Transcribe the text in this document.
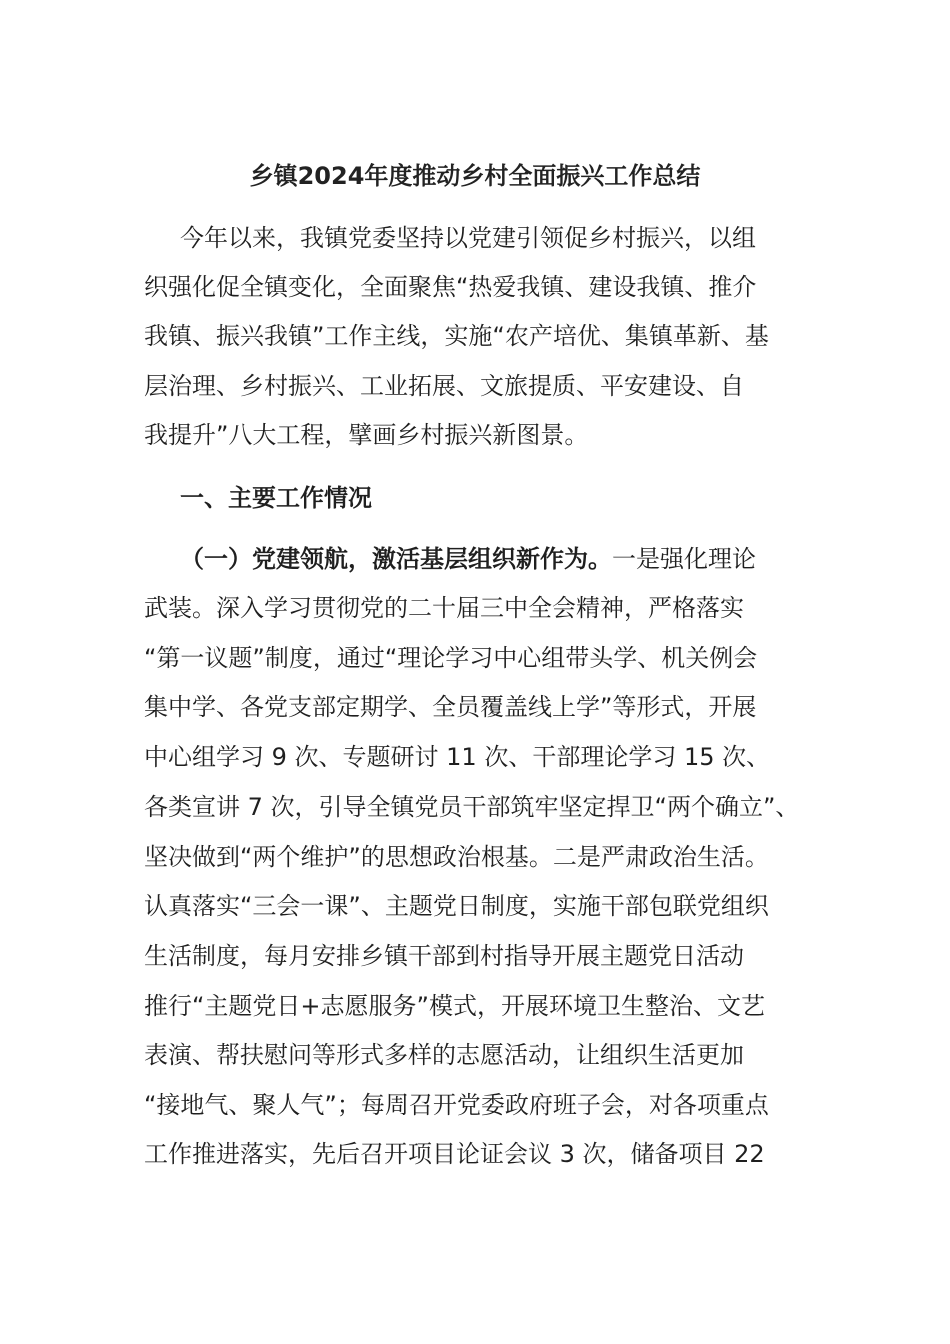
乡镇2024年度推动乡村全面振兴工作总结
今年以来，我镇党委坚持以党建引领促乡村振兴，以组
织强化促全镇变化，全面聚焦“热爱我镇、建设我镇、推介
我镇、振兴我镇”工作主线，实施“农产培优、集镇革新、基
层治理、乡村振兴、工业拓展、文旅提质、平安建设、自
我提升”八大工程，擘画乡村振兴新图景。
一、主要工作情况
（一）党建领航，激活基层组织新作为。一是强化理论
武装。深入学习贯彻党的二十届三中全会精神，严格落实
“第一议题”制度，通过“理论学习中心组带头学、机关例会
集中学、各党支部定期学、全员覆盖线上学”等形式，开展
中心组学习 9 次、专题研讨 11 次、干部理论学习 15 次、
各类宣讲 7 次，引导全镇党员干部筑牢坚定捍卫“两个确立”、
坚决做到“两个维护”的思想政治根基。二是严肃政治生活。
认真落实“三会一课”、主题党日制度，实施干部包联党组织
生活制度，每月安排乡镇干部到村指导开展主题党日活动
推行“主题党日+志愿服务”模式，开展环境卫生整治、文艺
表演、帮扶慰问等形式多样的志愿活动，让组织生活更加
“接地气、聚人气”；每周召开党委政府班子会，对各项重点
工作推进落实，先后召开项目论证会议 3 次，储备项目 22
